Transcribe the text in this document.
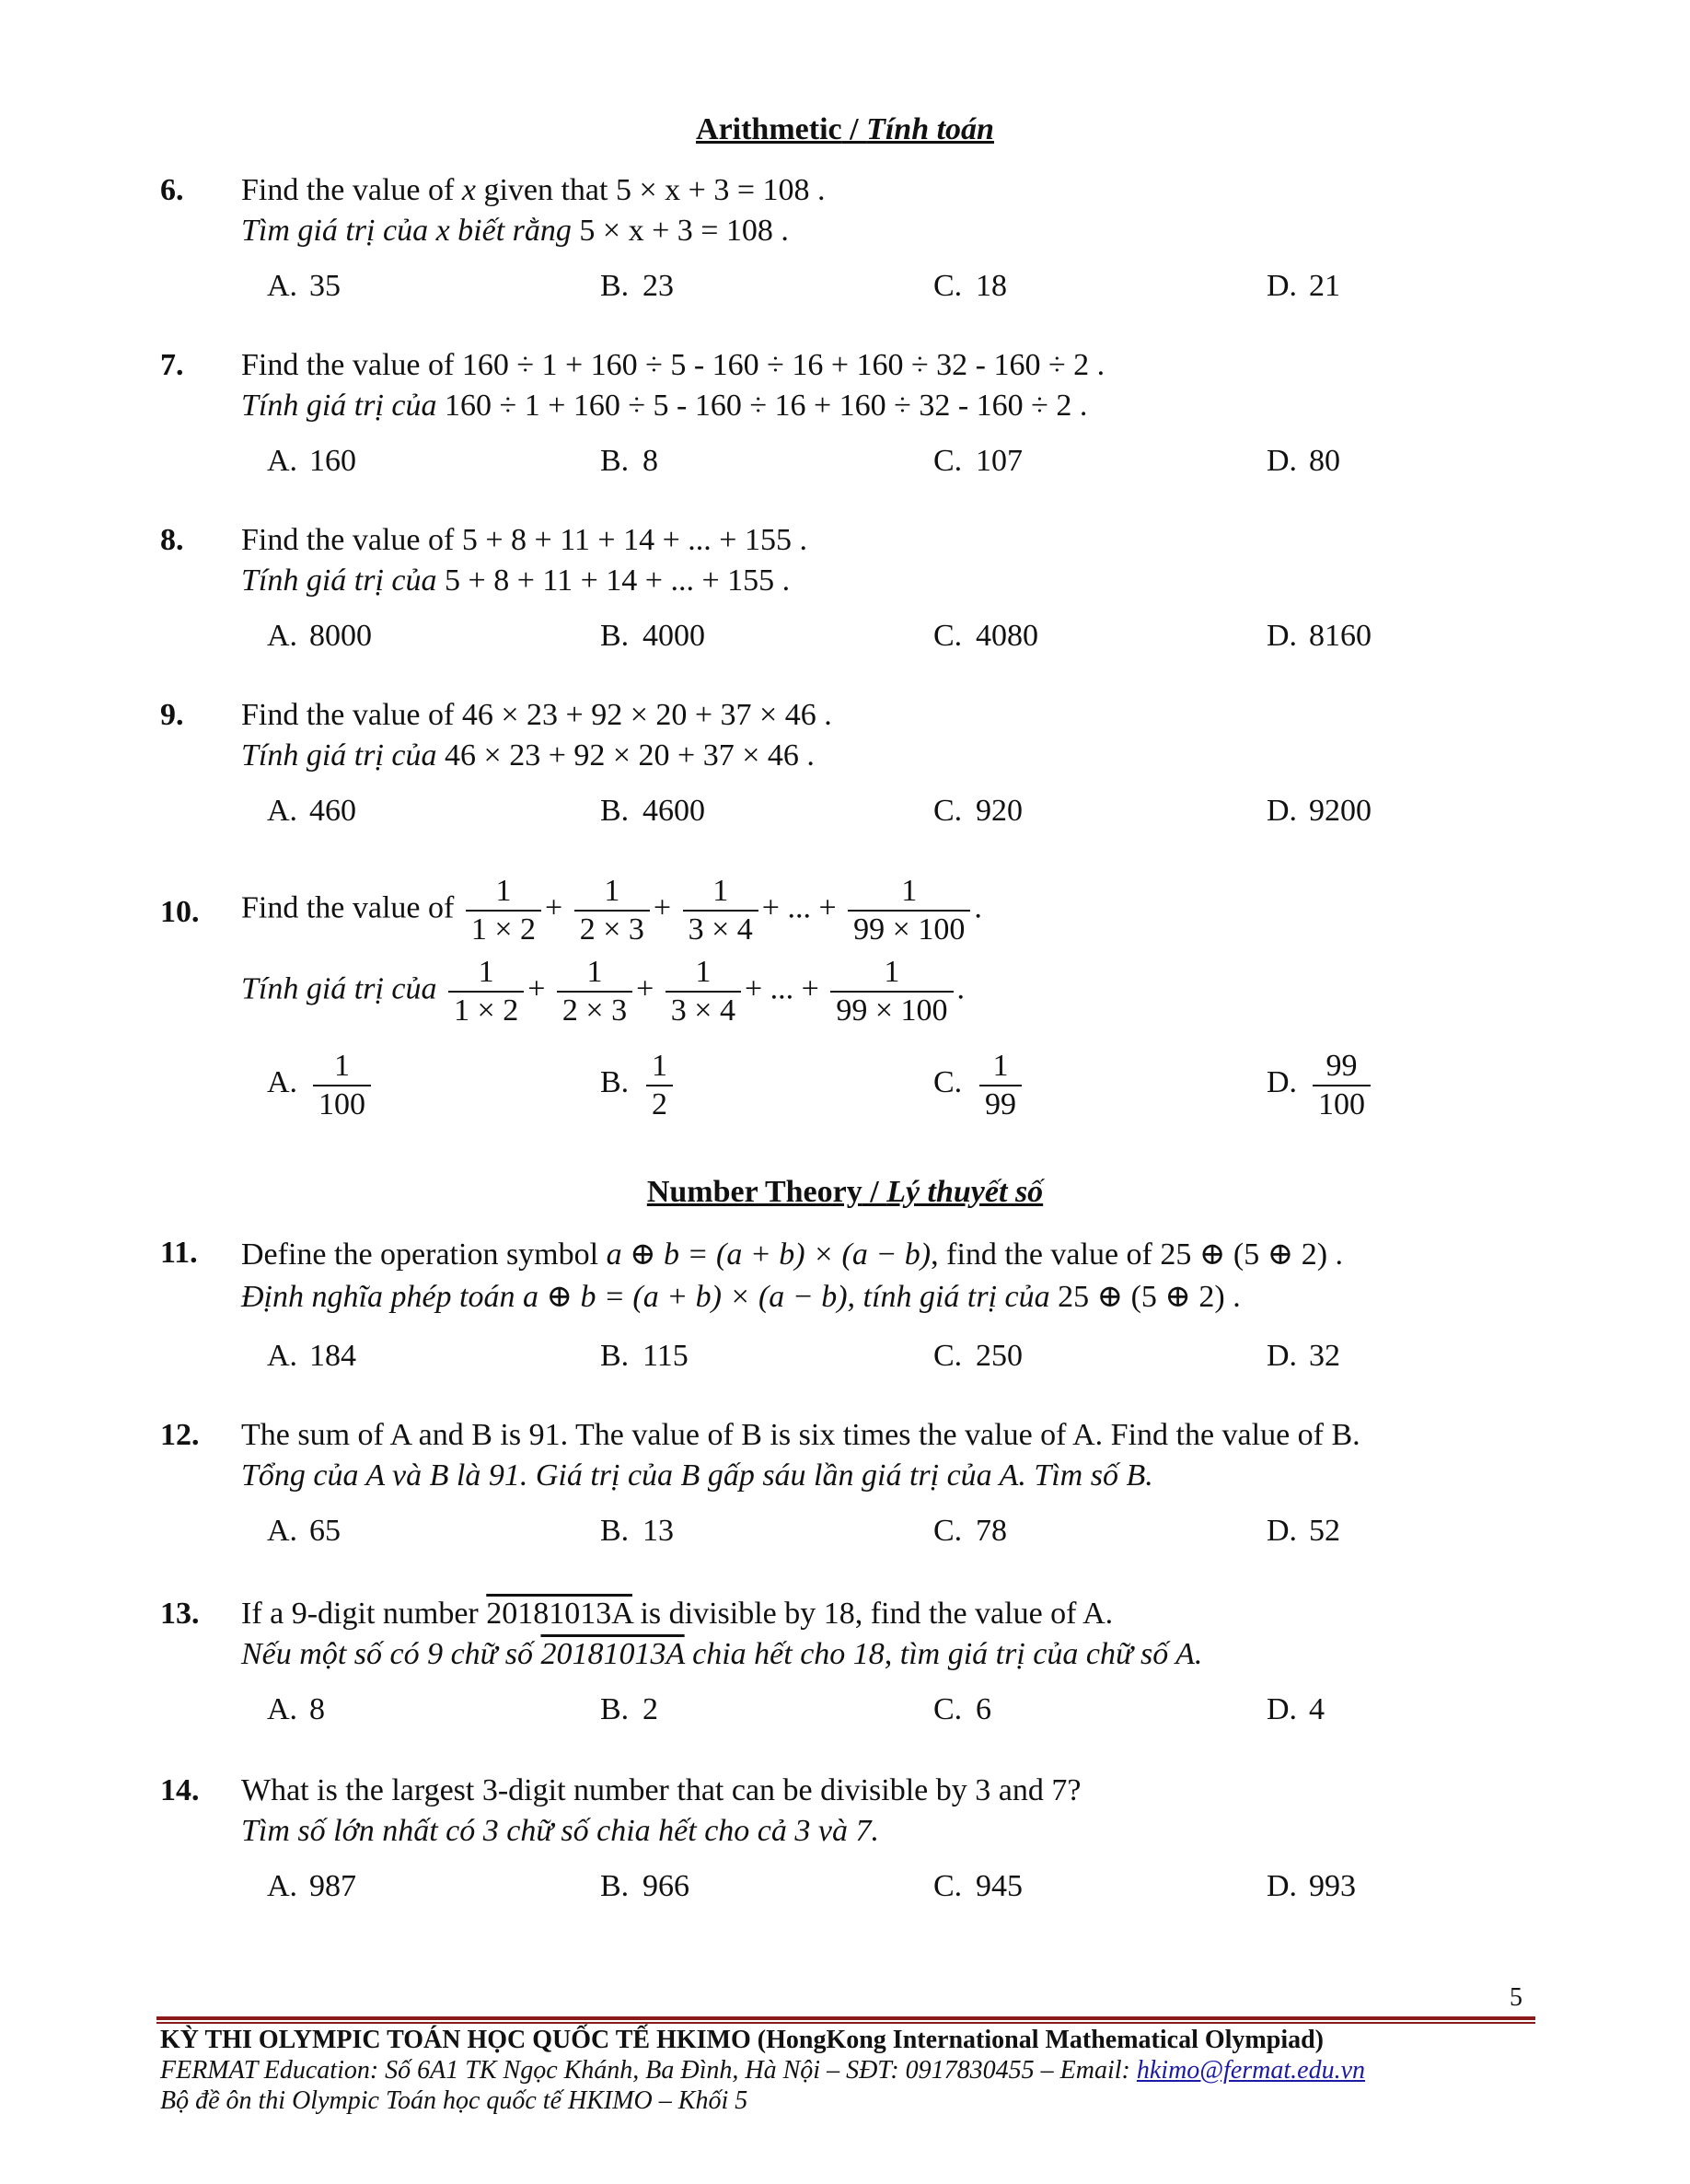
Arithmetic / Tính toán
6. Find the value of x given that 5 × x + 3 = 108 .
Tìm giá trị của x biết rằng 5 × x + 3 = 108 .
A. 35	B. 23	C. 18	D. 21
7. Find the value of 160 ÷ 1 + 160 ÷ 5 - 160 ÷ 16 + 160 ÷ 32 - 160 ÷ 2 .
Tính giá trị của 160 ÷ 1 + 160 ÷ 5 - 160 ÷ 16 + 160 ÷ 32 - 160 ÷ 2 .
A. 160	B. 8	C. 107	D. 80
8. Find the value of 5 + 8 + 11 + 14 + ... + 155 .
Tính giá trị của 5 + 8 + 11 + 14 + ... + 155 .
A. 8000	B. 4000	C. 4080	D. 8160
9. Find the value of 46 × 23 + 92 × 20 + 37 × 46 .
Tính giá trị của 46 × 23 + 92 × 20 + 37 × 46 .
A. 460	B. 4600	C. 920	D. 9200
10. Find the value of $\frac{1}{1 \times 2} + \frac{1}{2 \times 3} + \frac{1}{3 \times 4}$ + ... + $\frac{1}{99 \times 100}$ .
Tính giá trị của $\frac{1}{1 \times 2} + \frac{1}{2 \times 3} + \frac{1}{3 \times 4}$ + ... + $\frac{1}{99 \times 100}$ .
A. $\frac{1}{100}$	B. $\frac{1}{2}$	C. $\frac{1}{99}$	D. $\frac{99}{100}$
Number Theory / Lý thuyết số
11. Define the operation symbol a ⊕ b = (a + b) × (a − b), find the value of 25 ⊕ (5 ⊕ 2) .
Định nghĩa phép toán a ⊕ b = (a + b) × (a − b), tính giá trị của 25 ⊕ (5 ⊕ 2) .
A. 184	B. 115	C. 250	D. 32
12. The sum of A and B is 91. The value of B is six times the value of A. Find the value of B.
Tổng của A và B là 91. Giá trị của B gấp sáu lần giá trị của A. Tìm số B.
A. 65	B. 13	C. 78	D. 52
13. If a 9-digit number 20181013A is divisible by 18, find the value of A.
Nếu một số có 9 chữ số 20181013A chia hết cho 18, tìm giá trị của chữ số A.
A. 8	B. 2	C. 6	D. 4
14. What is the largest 3-digit number that can be divisible by 3 and 7?
Tìm số lớn nhất có 3 chữ số chia hết cho cả 3 và 7.
A. 987	B. 966	C. 945	D. 993
5
KỲ THI OLYMPIC TOÁN HỌC QUỐC TẾ HKIMO (HongKong International Mathematical Olympiad)
FERMAT Education: Số 6A1 TK Ngọc Khánh, Ba Đình, Hà Nội – SĐT: 0917830455 – Email: hkimo@fermat.edu.vn
Bộ đề ôn thi Olympic Toán học quốc tế HKIMO – Khối 5
